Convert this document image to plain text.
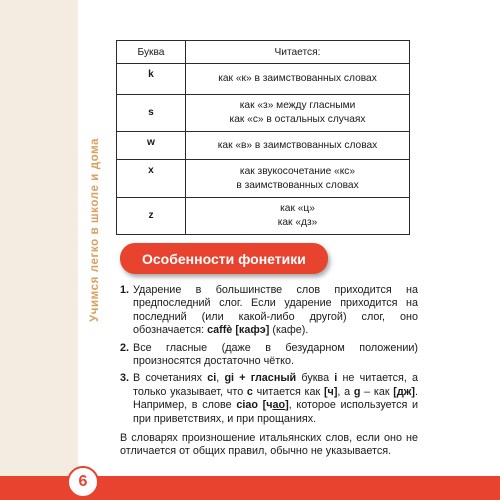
Учимся легко в школе и дома
Буква	Читается:
k	как «к» в заимствованных словах

s	как «з» между гласными
как «с» в остальных случаях

w	как «в» в заимствованных словах

x	как звукосочетание «кс»
в заимствованных словах

z	как «ц»
как «дз»
Особенности фонетики
1. Ударение в большинстве слов приходится на предпоследний слог. Если ударение приходится на последний (или какой-либо другой) слог, оно обозначается: caffè [кафэ] (кафе).
2. Все гласные (даже в безударном положении) произносятся достаточно чётко.
3. В сочетаниях ci, gi + гласный буква i не читается, а только указывает, что c читается как [ч], а g – как [дж]. Например, в слове ciao [чао], которое используется и при приветствиях, и при прощаниях.
В словарях произношение итальянских слов, если оно не отличается от общих правил, обычно не указывается.
6
